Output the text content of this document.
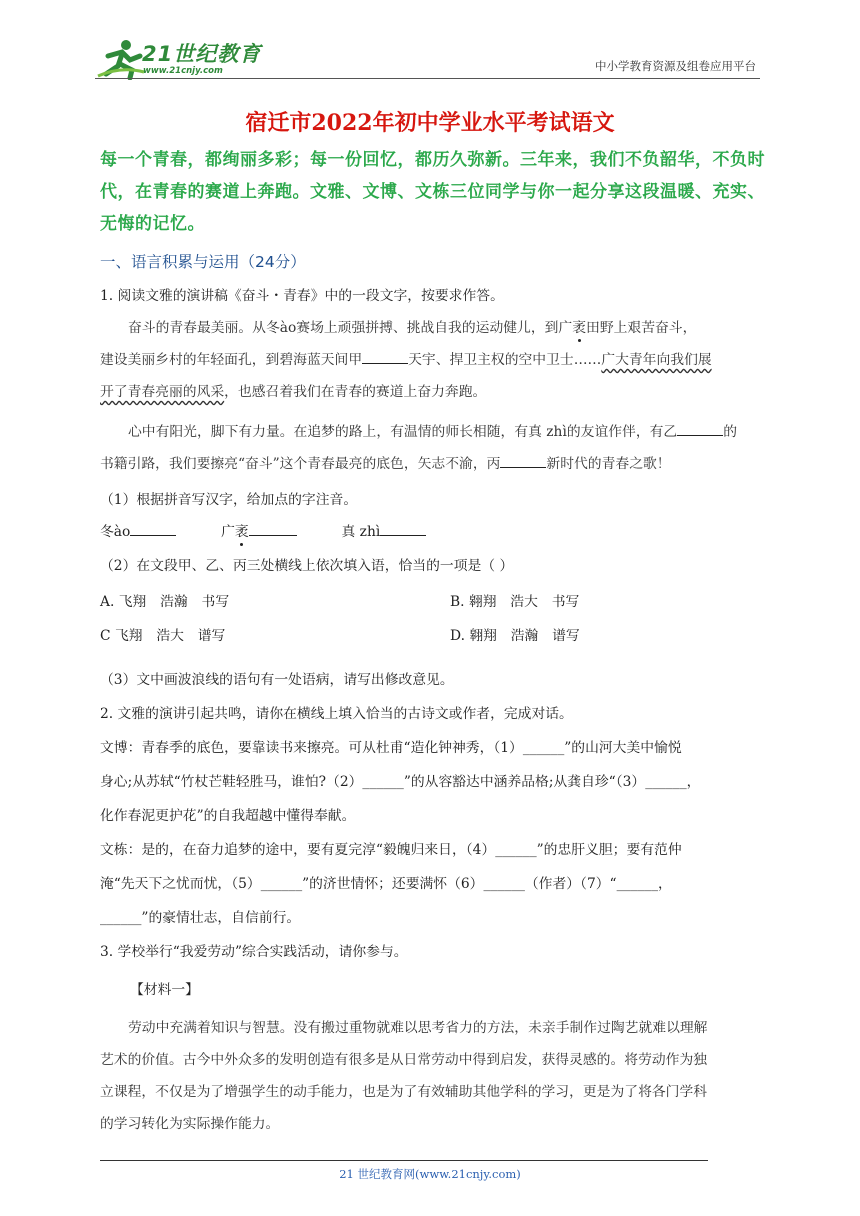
21世纪教育
www.21cnjy.com	中小学教育资源及组卷应用平台
宿迁市2022年初中学业水平考试语文
每一个青春，都绚丽多彩；每一份回忆，都历久弥新。三年来，我们不负韶华，不负时代，在青春的赛道上奔跑。文雅、文博、文栋三位同学与你一起分享这段温暖、充实、无悔的记忆。
一、语言积累与运用（24分）
1. 阅读文雅的演讲稿《奋斗・青春》中的一段文字，按要求作答。
奋斗的青春最美丽。从冬ào赛场上顽强拼搏、挑战自我的运动健儿，到广袤田野上艰苦奋斗，
建设美丽乡村的年轻面孔，到碧海蓝天间甲	天宇、捍卫主权的空中卫士……广大青年向我们展
开了青春亮丽的风采，也感召着我们在青春的赛道上奋力奔跑。
心中有阳光，脚下有力量。在追梦的路上，有温情的师长相随，有真 zhì的友谊作伴，有乙	的
书籍引路，我们要擦亮“奋斗”这个青春最亮的底色，矢志不渝，丙	新时代的青春之歌！
（1）根据拼音写汉字，给加点的字注音。
冬ào	广袤	真 zhì
（2）在文段甲、乙、丙三处横线上依次填入语，恰当的一项是（ ）
A. 飞翔　浩瀚　书写	B. 翱翔　浩大　书写
C 飞翔　浩大　谱写	D. 翱翔　浩瀚　谱写
（3）文中画波浪线的语句有一处语病，请写出修改意见。
2. 文雅的演讲引起共鸣，请你在横线上填入恰当的古诗文或作者，完成对话。
文博：青春季的底色，要靠读书来擦亮。可从杜甫“造化钟神秀，（1）______”的山河大美中愉悦
身心;从苏轼“竹杖芒鞋轻胜马，谁怕?（2）______”的从容豁达中涵养品格;从龚自珍“（3）______，
化作春泥更护花”的自我超越中懂得奉献。
文栋：是的，在奋力追梦的途中，要有夏完淳“毅魄归来日，（4）______”的忠肝义胆；要有范仲
淹“先天下之忧而忧，（5）______”的济世情怀；还要满怀（6）______（作者）（7）“______，
______”的豪情壮志，自信前行。
3. 学校举行“我爱劳动”综合实践活动，请你参与。
【材料一】
劳动中充满着知识与智慧。没有搬过重物就难以思考省力的方法，未亲手制作过陶艺就难以理解
艺术的价值。古今中外众多的发明创造有很多是从日常劳动中得到启发，获得灵感的。将劳动作为独
立课程，不仅是为了增强学生的动手能力，也是为了有效辅助其他学科的学习，更是为了将各门学科
的学习转化为实际操作能力。
21 世纪教育网(www.21cnjy.com)
